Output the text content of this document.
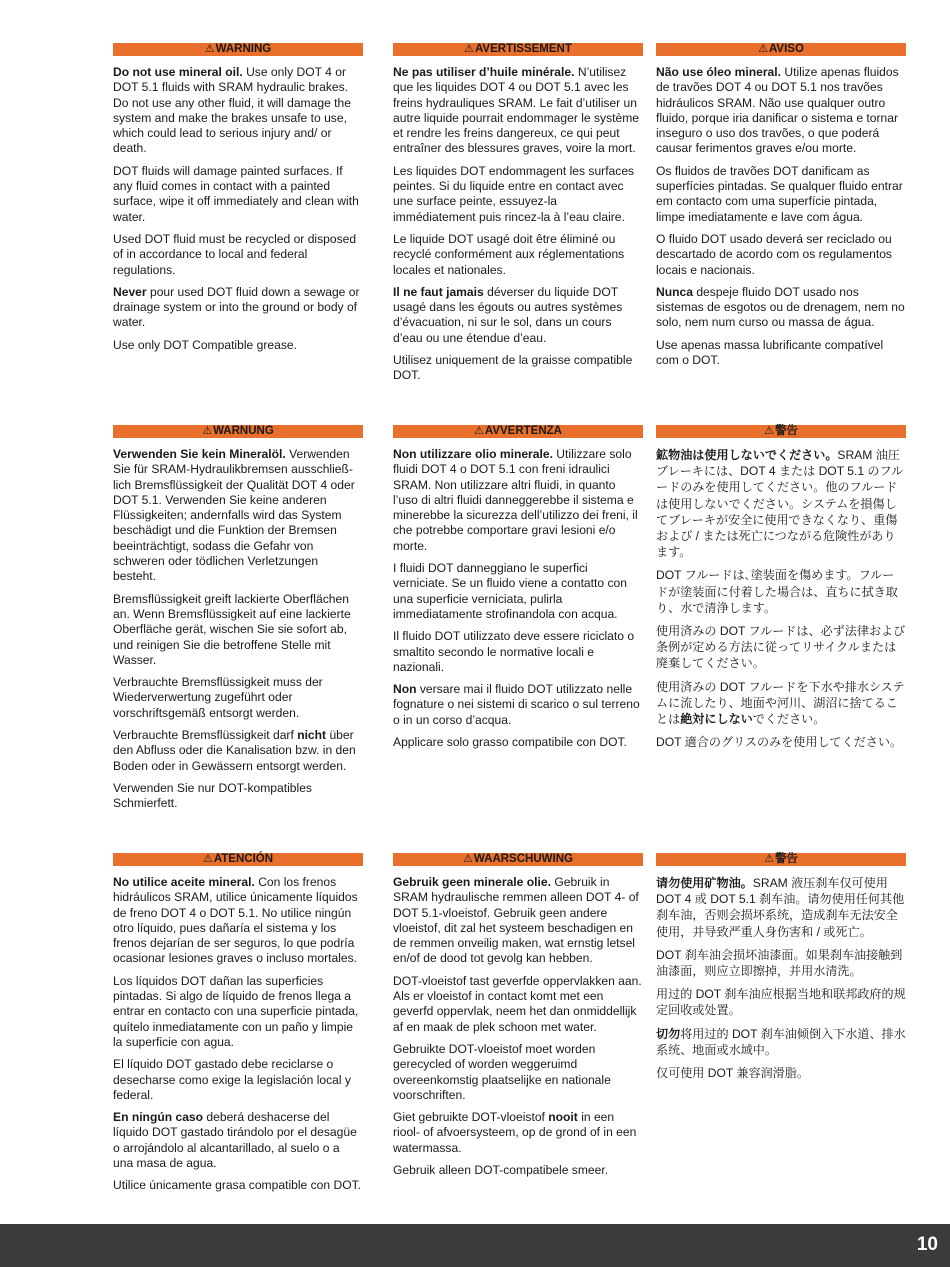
⚠WARNING

Do not use mineral oil. Use only DOT 4 or DOT 5.1 fluids with SRAM hydraulic brakes. Do not use any other fluid, it will damage the system and make the brakes unsafe to use, which could lead to serious injury and/ or death.

DOT fluids will damage painted surfaces. If any fluid comes in contact with a painted surface, wipe it off immediately and clean with water.

Used DOT fluid must be recycled or disposed of in accordance to local and federal regulations.

Never pour used DOT fluid down a sewage or drainage system or into the ground or body of water.

Use only DOT Compatible grease.

⚠AVERTISSEMENT

Ne pas utiliser d’huile minérale. N’utilisez que les liquides DOT 4 ou DOT 5.1 avec les freins hydrauliques SRAM. Le fait d’utiliser un autre liquide pourrait endommager le système et rendre les freins dangereux, ce qui peut entraîner des blessures graves, voire la mort.

Les liquides DOT endommagent les surfaces peintes. Si du liquide entre en contact avec une surface peinte, essuyez-la immédiatement puis rincez-la à l’eau claire.

Le liquide DOT usagé doit être éliminé ou recyclé conformément aux réglementations locales et nationales.

Il ne faut jamais déverser du liquide DOT usagé dans les égouts ou autres systèmes d’évacuation, ni sur le sol, dans un cours d’eau ou une étendue d’eau.

Utilisez uniquement de la graisse compatible DOT.

⚠AVISO

Não use óleo mineral. Utilize apenas fluidos de travões DOT 4 ou DOT 5.1 nos travões hidráulicos SRAM. Não use qualquer outro fluido, porque iria danificar o sistema e tornar inseguro o uso dos travões, o que poderá causar ferimentos graves e/ou morte.

Os fluidos de travões DOT danificam as superfícies pintadas. Se qualquer fluido entrar em contacto com uma superfície pintada, limpe imediatamente e lave com água.

O fluido DOT usado deverá ser reciclado ou descartado de acordo com os regulamentos locais e nacionais.

Nunca despeje fluido DOT usado nos sistemas de esgotos ou de drenagem, nem no solo, nem num curso ou massa de água.

Use apenas massa lubrificante compatível com o DOT.

⚠WARNUNG

Verwenden Sie kein Mineralöl. Verwenden Sie für SRAM-Hydraulikbremsen ausschließ- lich Bremsflüssigkeit der Qualität DOT 4 oder DOT 5.1. Verwenden Sie keine anderen Flüssigkeiten; andernfalls wird das System beschädigt und die Funktion der Bremsen beeinträchtigt, sodass die Gefahr von schweren oder tödlichen Verletzungen besteht.

Bremsflüssigkeit greift lackierte Oberflächen an. Wenn Bremsflüssigkeit auf eine lackierte Oberfläche gerät, wischen Sie sie sofort ab, und reinigen Sie die betroffene Stelle mit Wasser.

Verbrauchte Bremsflüssigkeit muss der Wiederverwertung zugeführt oder vorschriftsgemäß entsorgt werden.

Verbrauchte Bremsflüssigkeit darf nicht über den Abfluss oder die Kanalisation bzw. in den Boden oder in Gewässern entsorgt werden.

Verwenden Sie nur DOT-kompatibles Schmierfett.

⚠AVVERTENZA

Non utilizzare olio minerale. Utilizzare solo fluidi DOT 4 o DOT 5.1 con freni idraulici SRAM. Non utilizzare altri fluidi, in quanto l’uso di altri fluidi danneggerebbe il sistema e minerebbe la sicurezza dell’utilizzo dei freni, il che potrebbe comportare gravi lesioni e/o morte.

I fluidi DOT danneggiano le superfici verniciate. Se un fluido viene a contatto con una superficie verniciata, pulirla immediatamente strofinandola con acqua.

Il fluido DOT utilizzato deve essere riciclato o smaltito secondo le normative locali e nazionali.

Non versare mai il fluido DOT utilizzato nelle fognature o nei sistemi di scarico o sul terreno o in un corso d’acqua.

Applicare solo grasso compatibile con DOT.

⚠警告

鉱物油は使用しないでください。SRAM 油圧ブレーキには、DOT 4 または DOT 5.1 のフルードのみを使用してください。他のフルードは使用しないでください。システムを損傷してブレーキが安全に使用できなくなり、重傷および / または死亡につながる危険性があります。

DOT フルードは､塗装面を傷めます。フルードが塗装面に付着した場合は、直ちに拭き取り、水で清浄します。

使用済みの DOT フルードは、必ず法律および条例が定める方法に従ってリサイクルまたは廃棄してください。

使用済みの DOT フルードを下水や排水システムに流したり、地面や河川、湖沼に捨てることは絶対にしないでください。

DOT 適合のグリスのみを使用してください。

⚠ATENCIÓN

No utilice aceite mineral. Con los frenos hidráulicos SRAM, utilice únicamente líquidos de freno DOT 4 o DOT 5.1. No utilice ningún otro líquido, pues dañaría el sistema y los frenos dejarían de ser seguros, lo que podría ocasionar lesiones graves o incluso mortales.

Los líquidos DOT dañan las superficies pintadas. Si algo de líquido de frenos llega a entrar en contacto con una superficie pintada, quítelo inmediatamente con un paño y limpie la superficie con agua.

El líquido DOT gastado debe reciclarse o desecharse como exige la legislación local y federal.

En ningún caso deberá deshacerse del líquido DOT gastado tirándolo por el desagüe o arrojándolo al alcantarillado, al suelo o a una masa de agua.

Utilice únicamente grasa compatible con DOT.

⚠WAARSCHUWING

Gebruik geen minerale olie. Gebruik in SRAM hydraulische remmen alleen DOT 4- of DOT 5.1-vloeistof. Gebruik geen andere vloeistof, dit zal het systeem beschadigen en de remmen onveilig maken, wat ernstig letsel en/of de dood tot gevolg kan hebben.

DOT-vloeistof tast geverfde oppervlakken aan. Als er vloeistof in contact komt met een geverfd oppervlak, neem het dan onmiddellijk af en maak de plek schoon met water.

Gebruikte DOT-vloeistof moet worden gerecycled of worden weggeruimd overeenkomstig plaatselijke en nationale voorschriften.

Giet gebruikte DOT-vloeistof nooit in een riool- of afvoersysteem, op de grond of in een watermassa.

Gebruik alleen DOT-compatibele smeer.

⚠警告

请勿使用矿物油。SRAM 液压刹车仅可使用 DOT 4 或 DOT 5.1 刹车油。请勿使用任何其他刹车油，否则会损坏系统，造成刹车无法安全使用，并导致严重人身伤害和 / 或死亡。

DOT 刹车油会损坏油漆面。如果刹车油接触到油漆面，则应立即擦掉，并用水清洗。

用过的 DOT 刹车油应根据当地和联邦政府的规定回收或处置。

切勿将用过的 DOT 刹车油倾倒入下水道、排水系统、地面或水域中。

仅可使用 DOT 兼容润滑脂。

10
